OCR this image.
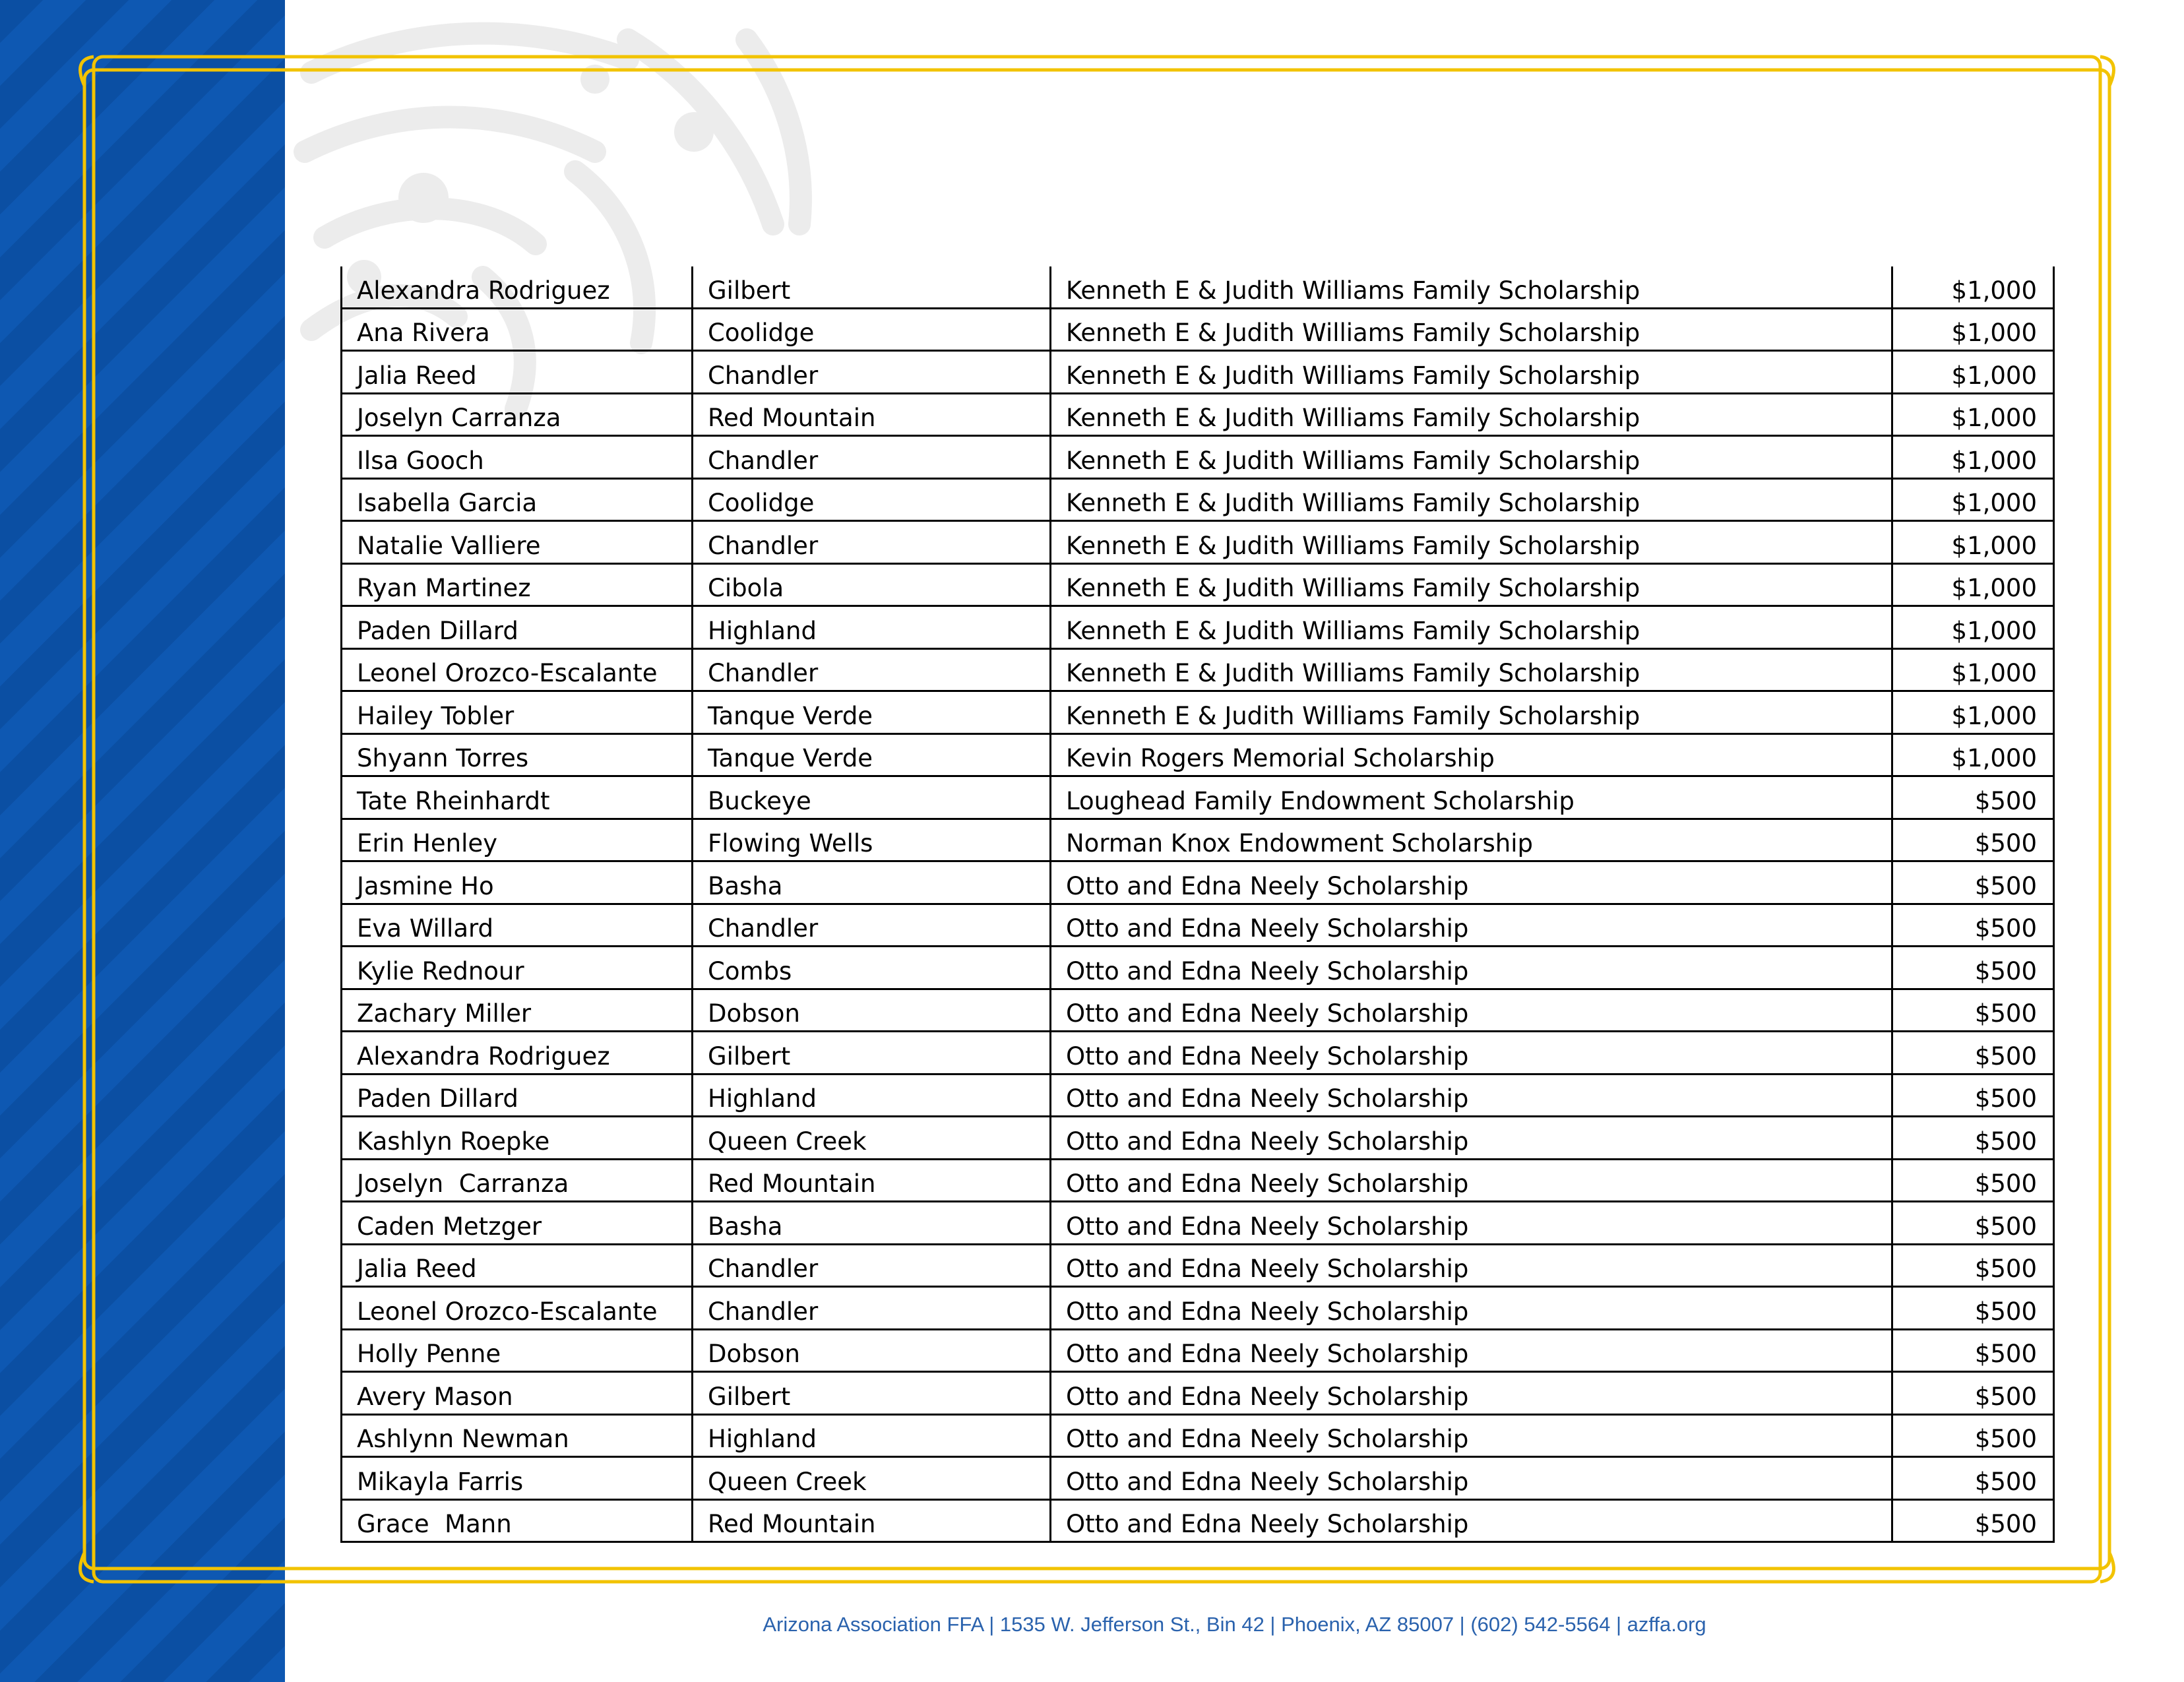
Alexandra Rodriguez	Gilbert	Kenneth E & Judith Williams Family Scholarship	$1,000
Ana Rivera	Coolidge	Kenneth E & Judith Williams Family Scholarship	$1,000
Jalia Reed	Chandler	Kenneth E & Judith Williams Family Scholarship	$1,000
Joselyn Carranza	Red Mountain	Kenneth E & Judith Williams Family Scholarship	$1,000
Ilsa Gooch	Chandler	Kenneth E & Judith Williams Family Scholarship	$1,000
Isabella Garcia	Coolidge	Kenneth E & Judith Williams Family Scholarship	$1,000
Natalie Valliere	Chandler	Kenneth E & Judith Williams Family Scholarship	$1,000
Ryan Martinez	Cibola	Kenneth E & Judith Williams Family Scholarship	$1,000
Paden Dillard	Highland	Kenneth E & Judith Williams Family Scholarship	$1,000
Leonel Orozco-Escalante	Chandler	Kenneth E & Judith Williams Family Scholarship	$1,000
Hailey Tobler	Tanque Verde	Kenneth E & Judith Williams Family Scholarship	$1,000
Shyann Torres	Tanque Verde	Kevin Rogers Memorial Scholarship	$1,000
Tate Rheinhardt	Buckeye	Loughead Family Endowment Scholarship	$500
Erin Henley	Flowing Wells	Norman Knox Endowment Scholarship	$500
Jasmine Ho	Basha	Otto and Edna Neely Scholarship	$500
Eva Willard	Chandler	Otto and Edna Neely Scholarship	$500
Kylie Rednour	Combs	Otto and Edna Neely Scholarship	$500
Zachary Miller	Dobson	Otto and Edna Neely Scholarship	$500
Alexandra Rodriguez	Gilbert	Otto and Edna Neely Scholarship	$500
Paden Dillard	Highland	Otto and Edna Neely Scholarship	$500
Kashlyn Roepke	Queen Creek	Otto and Edna Neely Scholarship	$500
Joselyn  Carranza	Red Mountain	Otto and Edna Neely Scholarship	$500
Caden Metzger	Basha	Otto and Edna Neely Scholarship	$500
Jalia Reed	Chandler	Otto and Edna Neely Scholarship	$500
Leonel Orozco-Escalante	Chandler	Otto and Edna Neely Scholarship	$500
Holly Penne	Dobson	Otto and Edna Neely Scholarship	$500
Avery Mason	Gilbert	Otto and Edna Neely Scholarship	$500
Ashlynn Newman	Highland	Otto and Edna Neely Scholarship	$500
Mikayla Farris	Queen Creek	Otto and Edna Neely Scholarship	$500
Grace  Mann	Red Mountain	Otto and Edna Neely Scholarship	$500
Arizona Association FFA | 1535 W. Jefferson St., Bin 42 | Phoenix, AZ 85007 | (602) 542-5564 | azffa.org
